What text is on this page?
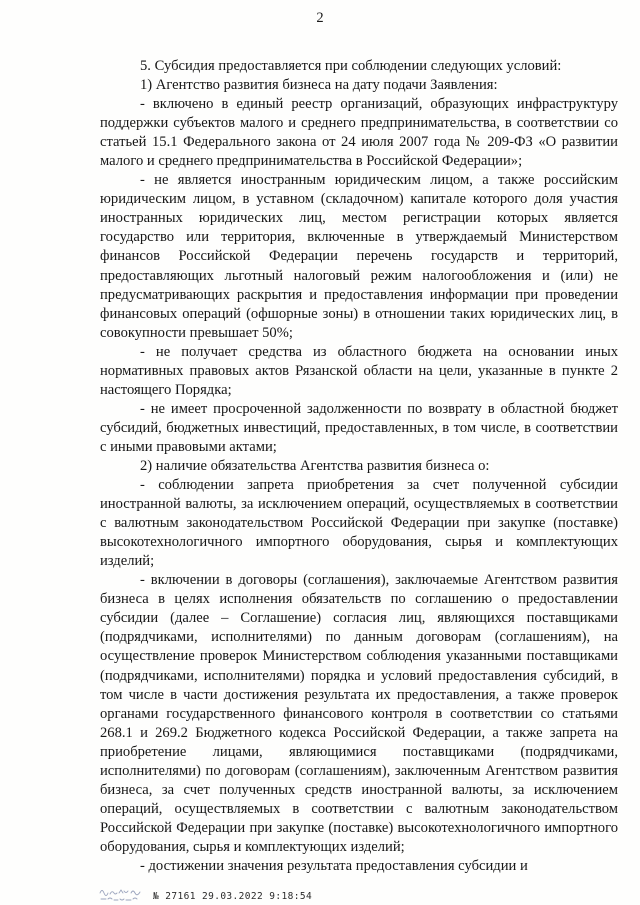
2

5. Субсидия предоставляется при соблюдении следующих условий:

1) Агентство развития бизнеса на дату подачи Заявления:

- включено в единый реестр организаций, образующих инфраструктуру поддержки субъектов малого и среднего предпринимательства, в соответствии со статьей 15.1 Федерального закона от 24 июля 2007 года № 209-ФЗ «О развитии малого и среднего предпринимательства в Российской Федерации»;

- не является иностранным юридическим лицом, а также российским юридическим лицом, в уставном (складочном) капитале которого доля участия иностранных юридических лиц, местом регистрации которых является государство или территория, включенные в утверждаемый Министерством финансов Российской Федерации перечень государств и территорий, предоставляющих льготный налоговый режим налогообложения и (или) не предусматривающих раскрытия и предоставления информации при проведении финансовых операций (офшорные зоны) в отношении таких юридических лиц, в совокупности превышает 50%;

- не получает средства из областного бюджета на основании иных нормативных правовых актов Рязанской области на цели, указанные в пункте 2 настоящего Порядка;

- не имеет просроченной задолженности по возврату в областной бюджет субсидий, бюджетных инвестиций, предоставленных, в том числе, в соответствии с иными правовыми актами;

2) наличие обязательства Агентства развития бизнеса о:

- соблюдении запрета приобретения за счет полученной субсидии иностранной валюты, за исключением операций, осуществляемых в соответствии с валютным законодательством Российской Федерации при закупке (поставке) высокотехнологичного импортного оборудования, сырья и комплектующих изделий;

- включении в договоры (соглашения), заключаемые Агентством развития бизнеса в целях исполнения обязательств по соглашению о предоставлении субсидии (далее – Соглашение) согласия лиц, являющихся поставщиками (подрядчиками, исполнителями) по данным договорам (соглашениям), на осуществление проверок Министерством соблюдения указанными поставщиками (подрядчиками, исполнителями) порядка и условий предоставления субсидий, в том числе в части достижения результата их предоставления, а также проверок органами государственного финансового контроля в соответствии со статьями 268.1 и 269.2 Бюджетного кодекса Российской Федерации, а также запрета на приобретение лицами, являющимися поставщиками (подрядчиками, исполнителями) по договорам (соглашениям), заключенным Агентством развития бизнеса, за счет полученных средств иностранной валюты, за исключением операций, осуществляемых в соответствии с валютным законодательством Российской Федерации при закупке (поставке) высокотехнологичного импортного оборудования, сырья и комплектующих изделий;

- достижении значения результата предоставления субсидии и

№ 27161 29.03.2022 9:18:54
